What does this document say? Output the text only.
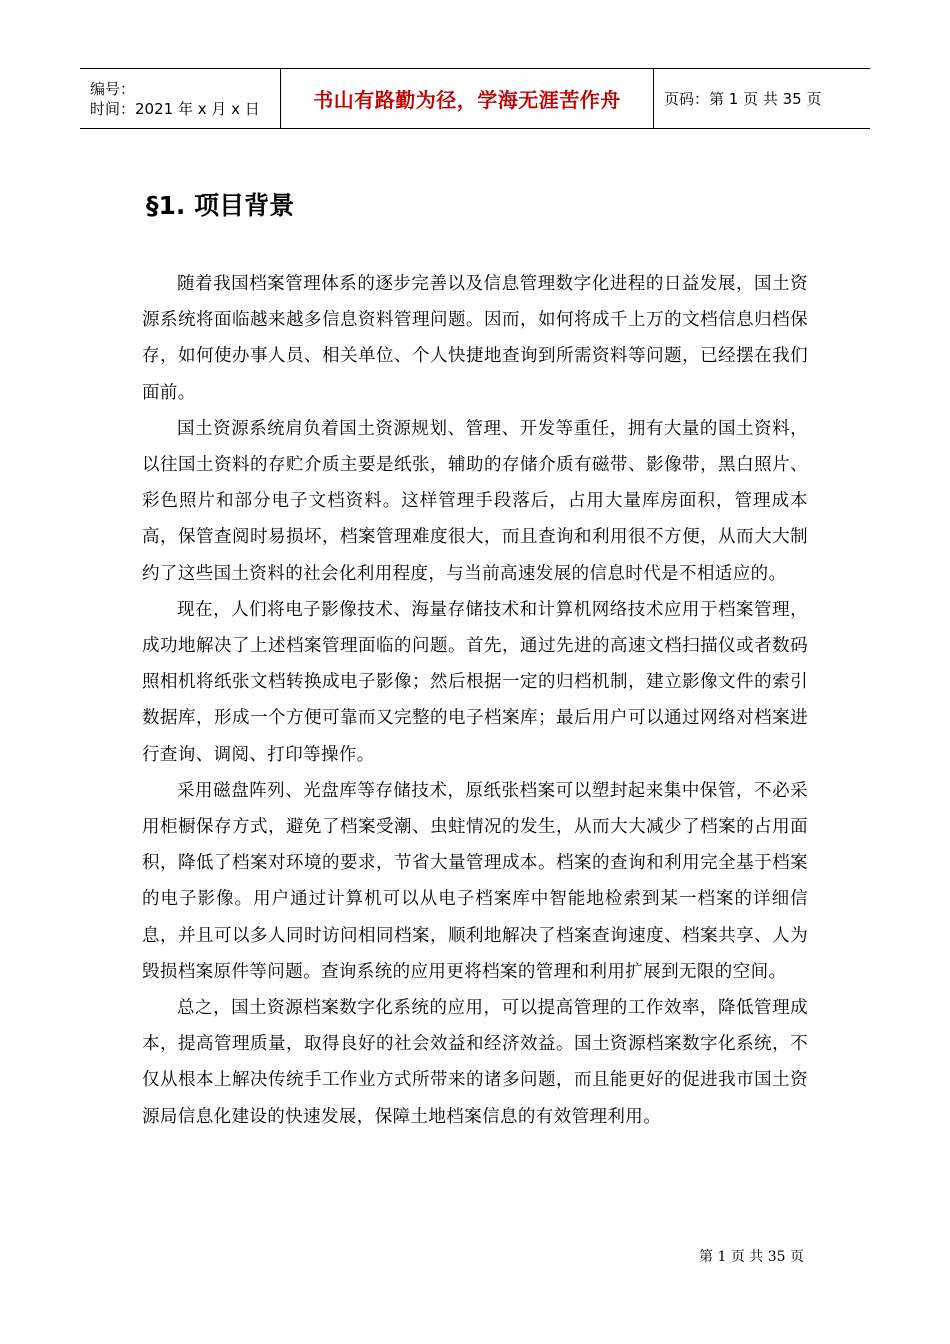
编号：
时间：2021 年 x 月 x 日	书山有路勤为径，学海无涯苦作舟	页码：第 1 页 共 35 页
§1. 项目背景

随着我国档案管理体系的逐步完善以及信息管理数字化进程的日益发展，国土资源系统将面临越来越多信息资料管理问题。因而，如何将成千上万的文档信息归档保存，如何使办事人员、相关单位、个人快捷地查询到所需资料等问题，已经摆在我们面前。

国土资源系统肩负着国土资源规划、管理、开发等重任，拥有大量的国土资料，以往国土资料的存贮介质主要是纸张，辅助的存储介质有磁带、影像带，黑白照片、彩色照片和部分电子文档资料。这样管理手段落后，占用大量库房面积，管理成本高，保管查阅时易损坏，档案管理难度很大，而且查询和利用很不方便，从而大大制约了这些国土资料的社会化利用程度，与当前高速发展的信息时代是不相适应的。

现在，人们将电子影像技术、海量存储技术和计算机网络技术应用于档案管理，成功地解决了上述档案管理面临的问题。首先，通过先进的高速文档扫描仪或者数码照相机将纸张文档转换成电子影像；然后根据一定的归档机制，建立影像文件的索引数据库，形成一个方便可靠而又完整的电子档案库；最后用户可以通过网络对档案进行查询、调阅、打印等操作。

采用磁盘阵列、光盘库等存储技术，原纸张档案可以塑封起来集中保管，不必采用柜橱保存方式，避免了档案受潮、虫蛀情况的发生，从而大大减少了档案的占用面积，降低了档案对环境的要求，节省大量管理成本。档案的查询和利用完全基于档案的电子影像。用户通过计算机可以从电子档案库中智能地检索到某一档案的详细信息，并且可以多人同时访问相同档案，顺利地解决了档案查询速度、档案共享、人为毁损档案原件等问题。查询系统的应用更将档案的管理和利用扩展到无限的空间。

总之，国土资源档案数字化系统的应用，可以提高管理的工作效率，降低管理成本，提高管理质量，取得良好的社会效益和经济效益。国土资源档案数字化系统，不仅从根本上解决传统手工作业方式所带来的诸多问题，而且能更好的促进我市国土资源局信息化建设的快速发展，保障土地档案信息的有效管理利用。

第 1 页 共 35 页
